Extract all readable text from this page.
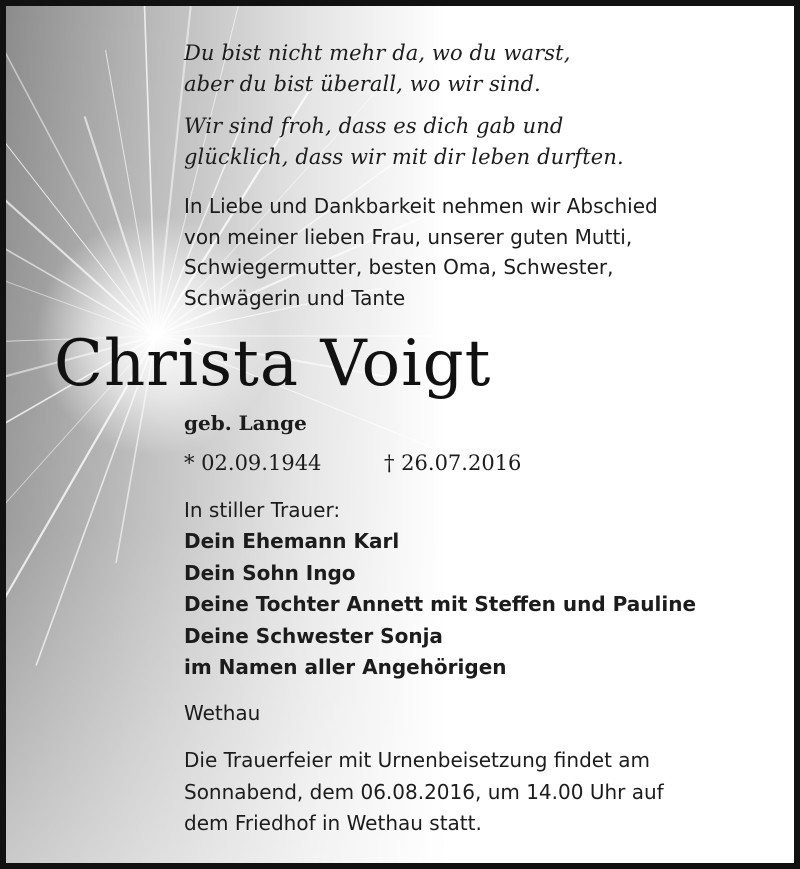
Du bist nicht mehr da, wo du warst,
aber du bist überall, wo wir sind.
Wir sind froh, dass es dich gab und
glücklich, dass wir mit dir leben durften.
In Liebe und Dankbarkeit nehmen wir Abschied
von meiner lieben Frau, unserer guten Mutti,
Schwiegermutter, besten Oma, Schwester,
Schwägerin und Tante
Christa Voigt
geb. Lange
* 02.09.1944	† 26.07.2016
In stiller Trauer:
Dein Ehemann Karl
Dein Sohn Ingo
Deine Tochter Annett mit Steffen und Pauline
Deine Schwester Sonja
im Namen aller Angehörigen
Wethau
Die Trauerfeier mit Urnenbeisetzung findet am
Sonnabend, dem 06.08.2016, um 14.00 Uhr auf
dem Friedhof in Wethau statt.
